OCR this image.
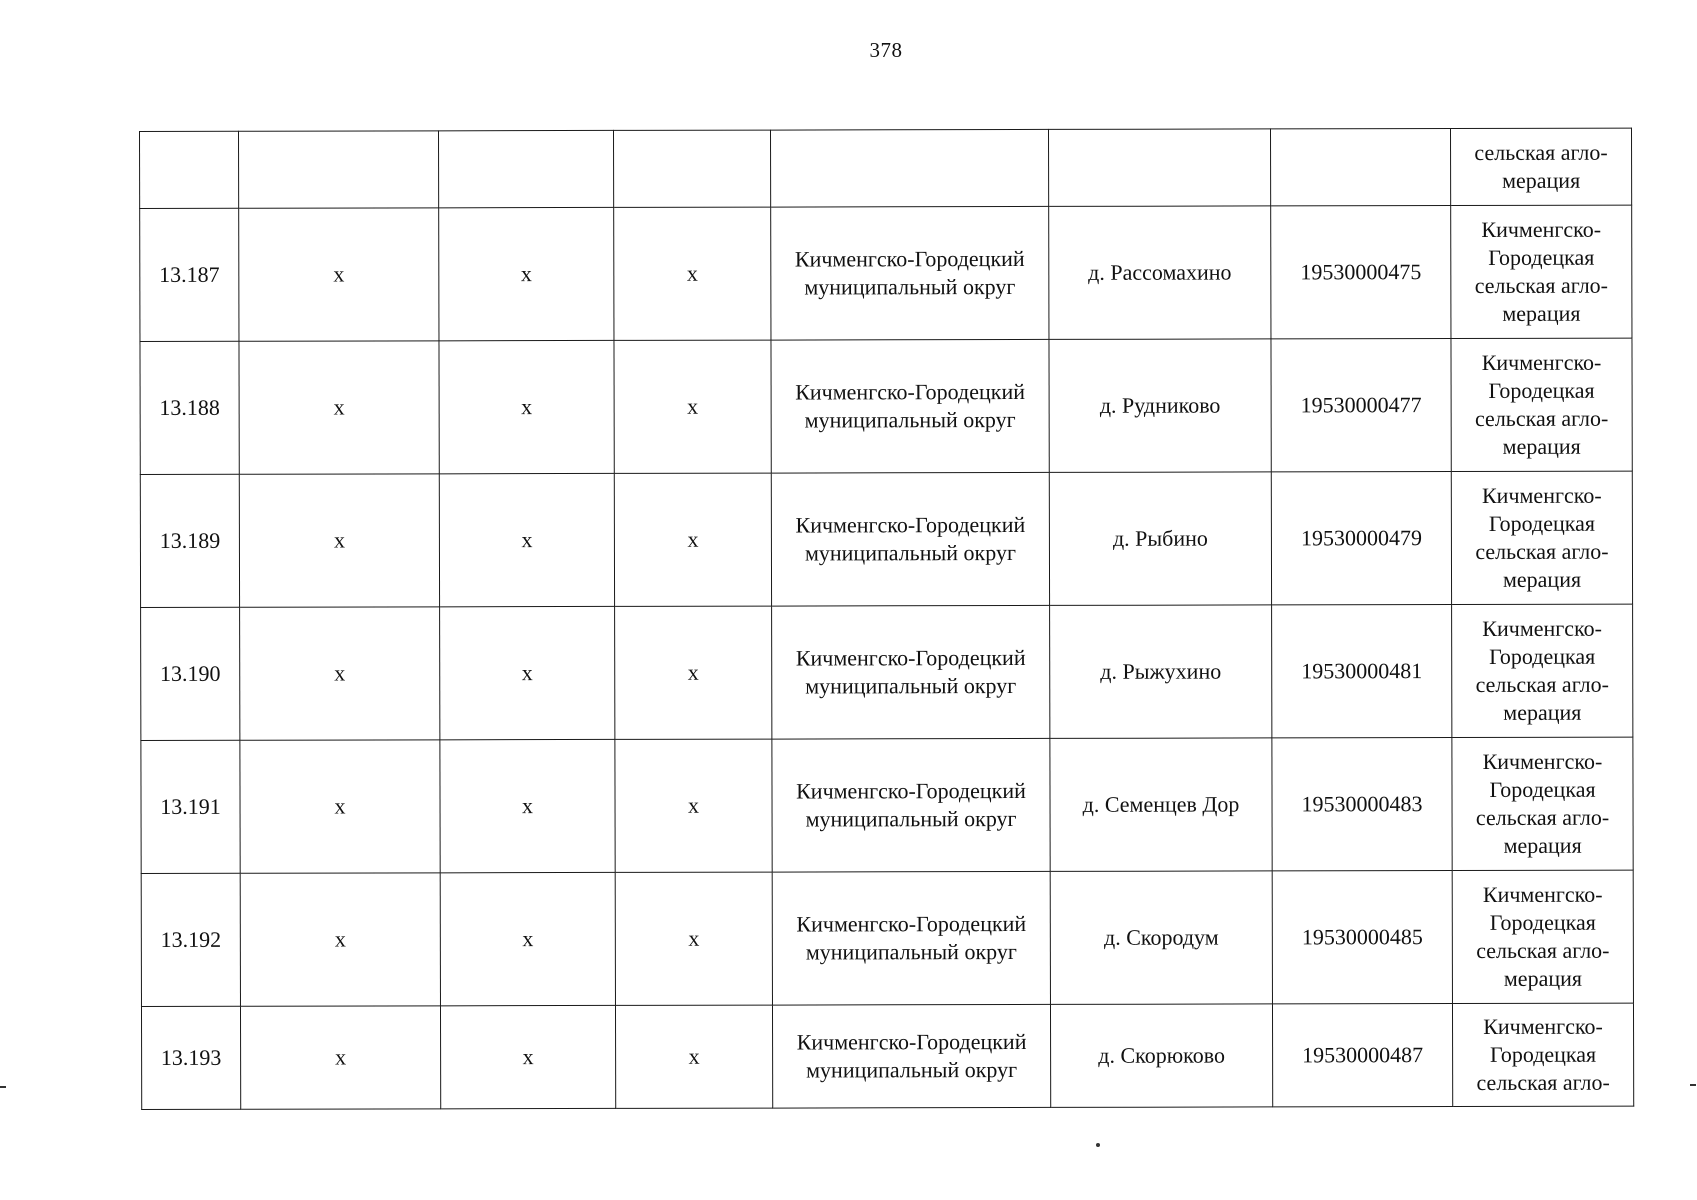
378

							сельская агло-
мерация

13.187	х	х	х	Кичменгско-Городецкий
муниципальный округ	д. Рассомахино	19530000475	Кичменгско-
Городецкая
сельская агло-
мерация

13.188	х	х	х	Кичменгско-Городецкий
муниципальный округ	д. Рудниково	19530000477	Кичменгско-
Городецкая
сельская агло-
мерация

13.189	х	х	х	Кичменгско-Городецкий
муниципальный округ	д. Рыбино	19530000479	Кичменгско-
Городецкая
сельская агло-
мерация

13.190	х	х	х	Кичменгско-Городецкий
муниципальный округ	д. Рыжухино	19530000481	Кичменгско-
Городецкая
сельская агло-
мерация

13.191	х	х	х	Кичменгско-Городецкий
муниципальный округ	д. Семенцев Дор	19530000483	Кичменгско-
Городецкая
сельская агло-
мерация

13.192	х	х	х	Кичменгско-Городецкий
муниципальный округ	д. Скородум	19530000485	Кичменгско-
Городецкая
сельская агло-
мерация

13.193	х	х	х	Кичменгско-Городецкий
муниципальный округ	д. Скорюково	19530000487	Кичменгско-
Городецкая
сельская агло-
